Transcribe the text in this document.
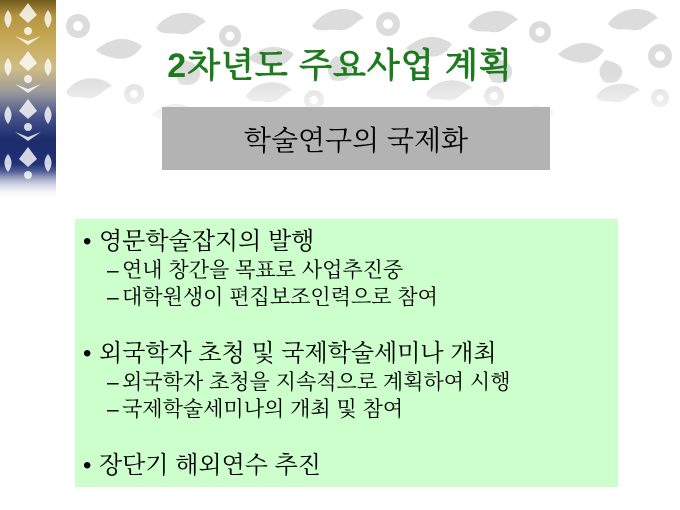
2차년도 주요사업 계획
학술연구의 국제화
• 영문학술잡지의 발행
– 연내 창간을 목표로 사업추진중
– 대학원생이 편집보조인력으로 참여
• 외국학자 초청 및 국제학술세미나 개최
– 외국학자 초청을 지속적으로 계획하여 시행
– 국제학술세미나의 개최 및 참여
• 장단기 해외연수 추진
